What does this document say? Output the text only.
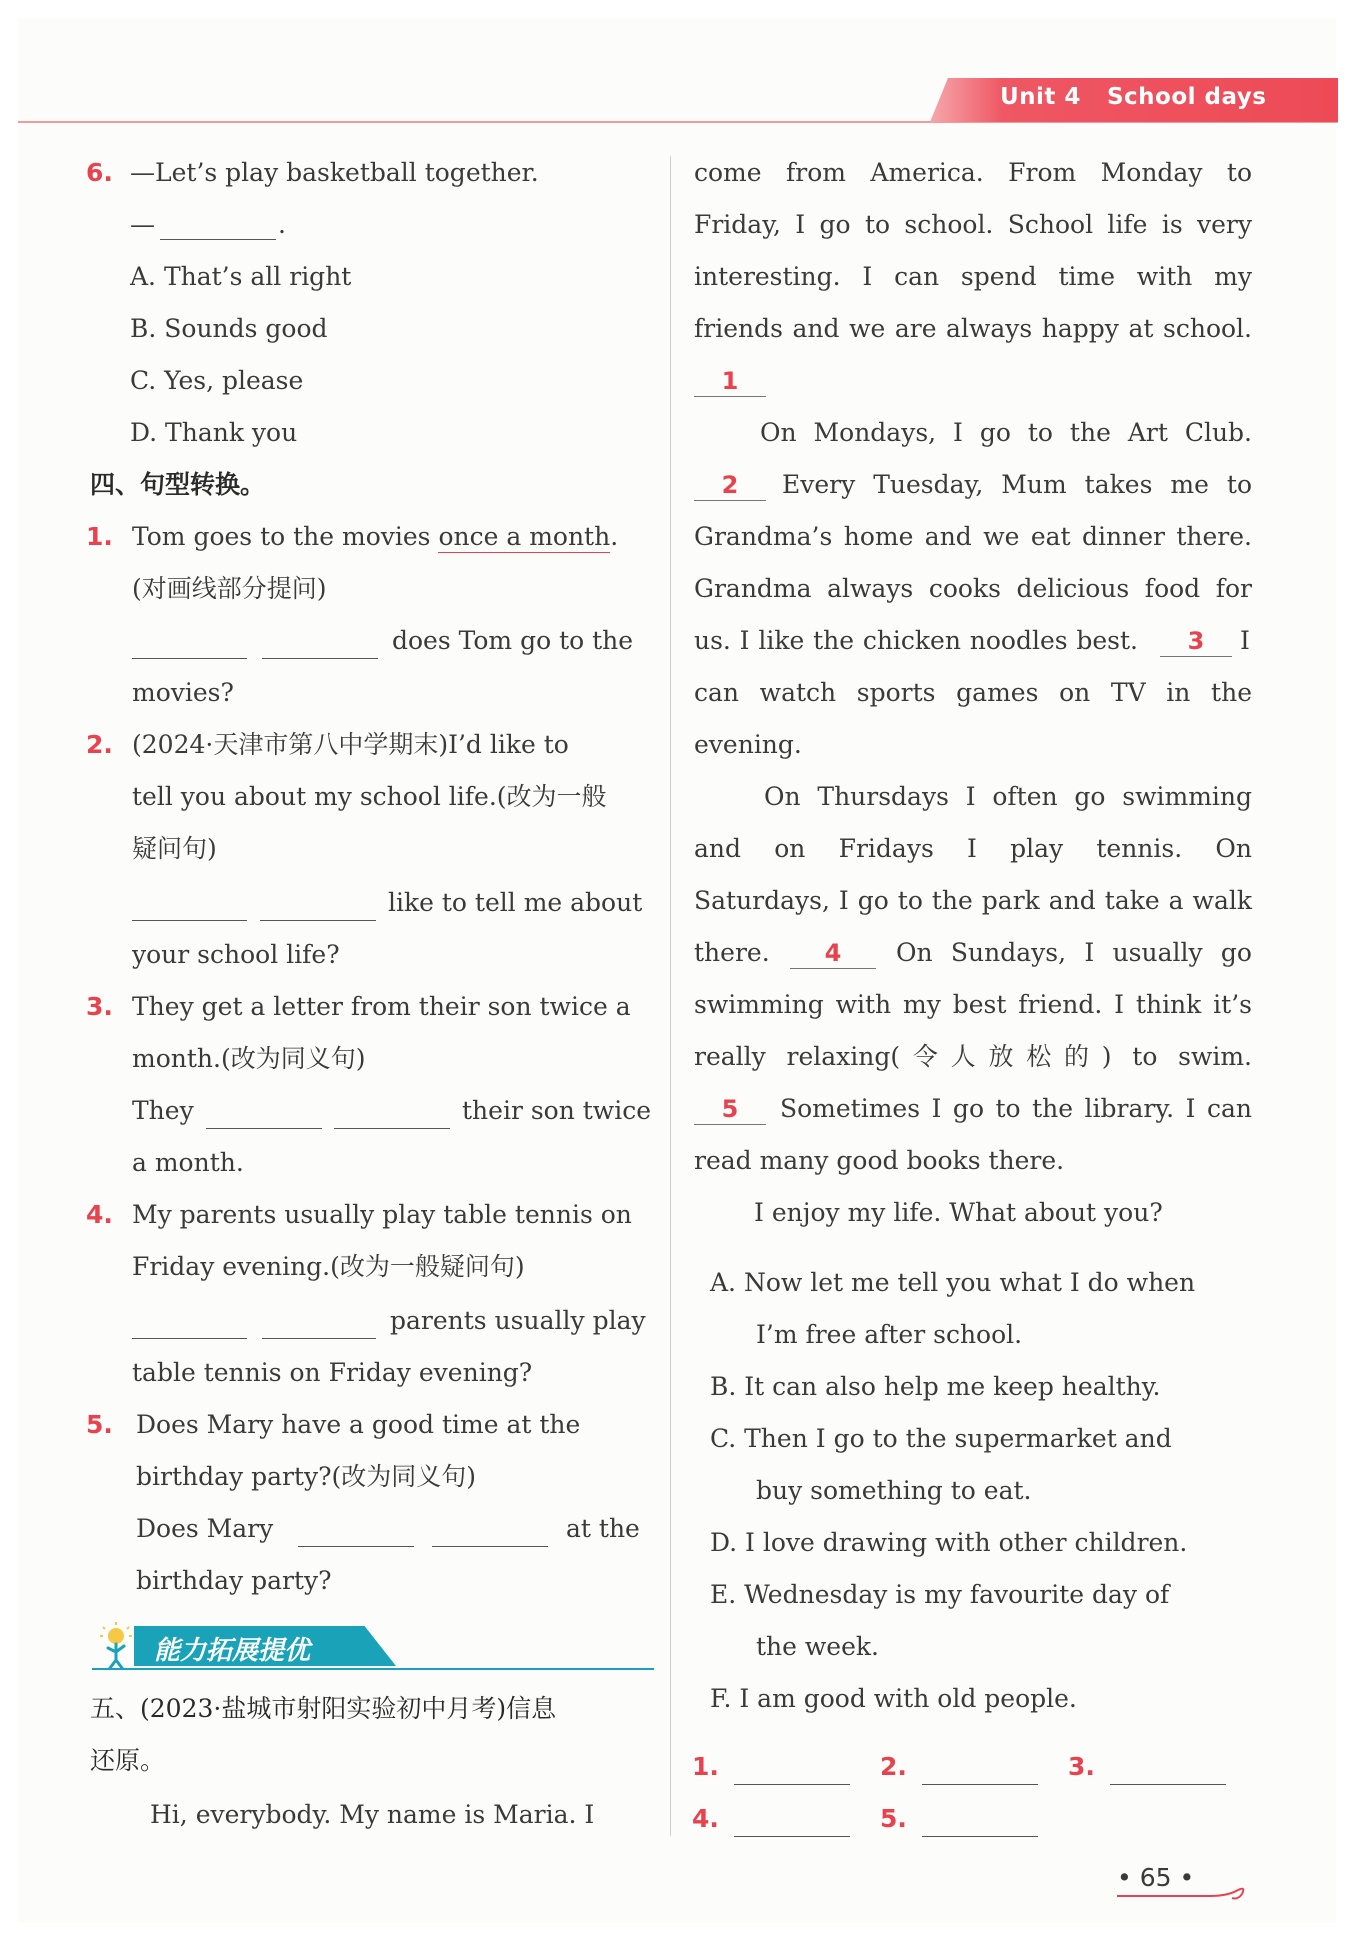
Unit 4 School days
6. —Let’s play basketball together.
—	.
A. That’s all right
B. Sounds good
C. Yes, please
D. Thank you
四、句型转换。
1. Tom goes to the movies once a month.
(对画线部分提问)
does Tom go to the
movies?
2. (2024·天津市第八中学期末)I’d like to
tell you about my school life.(改为一般
疑问句)
like to tell me about
your school life?
3. They get a letter from their son twice a
month.(改为同义句)
They	their son twice
a month.
4. My parents usually play table tennis on
Friday evening.(改为一般疑问句)
parents usually play
table tennis on Friday evening?
5. Does Mary have a good time at the
birthday party?(改为同义句)
Does Mary	at the
birthday party?
能力拓展提优
五、(2023·盐城市射阳实验初中月考)信息
还原。
Hi, everybody. My name is Maria. I
come from America. From Monday to
Friday, I go to school. School life is very
interesting. I can spend time with my
friends and we are always happy at school.
1
On Mondays, I go to the Art Club.
2	Every Tuesday, Mum takes me to
Grandma’s home and we eat dinner there.
Grandma always cooks delicious food for
us. I like the chicken noodles best.	3	I
can watch sports games on TV in the
evening.
On Thursdays I often go swimming
and on Fridays I play tennis. On
Saturdays, I go to the park and take a walk
there.	4	On Sundays, I usually go
swimming with my best friend. I think it’s
really relaxing(令人放松的) to swim.
5	Sometimes I go to the library. I can
read many good books there.
I enjoy my life. What about you?
A. Now let me tell you what I do when
I’m free after school.
B. It can also help me keep healthy.
C. Then I go to the supermarket and
buy something to eat.
D. I love drawing with other children.
E. Wednesday is my favourite day of
the week.
F. I am good with old people.
1.	2.	3.
4.	5.
• 65 •
